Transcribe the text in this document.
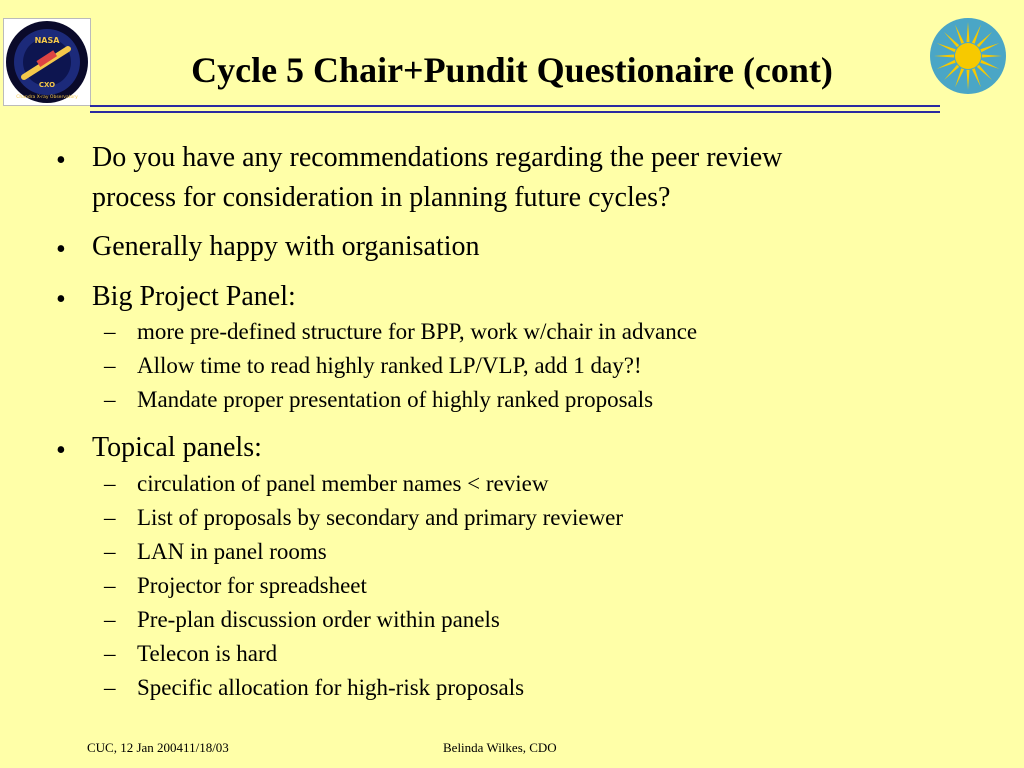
NASA
CXO
Chandra X-ray Observatory
Cycle 5 Chair+Pundit Questionaire (cont)
• Do you have any recommendations regarding the peer review
process for consideration in planning future cycles?
• Generally happy with organisation
• Big Project Panel:
– more pre-defined structure for BPP, work w/chair in advance
– Allow time to read highly ranked LP/VLP, add 1 day?!
– Mandate proper presentation of highly ranked proposals
• Topical panels:
– circulation of panel member names < review
– List of proposals by secondary and primary reviewer
– LAN in panel rooms
– Projector for spreadsheet
– Pre-plan discussion order within panels
– Telecon is hard
– Specific allocation for high-risk proposals
CUC, 12 Jan 200411/18/03	Belinda Wilkes, CDO
